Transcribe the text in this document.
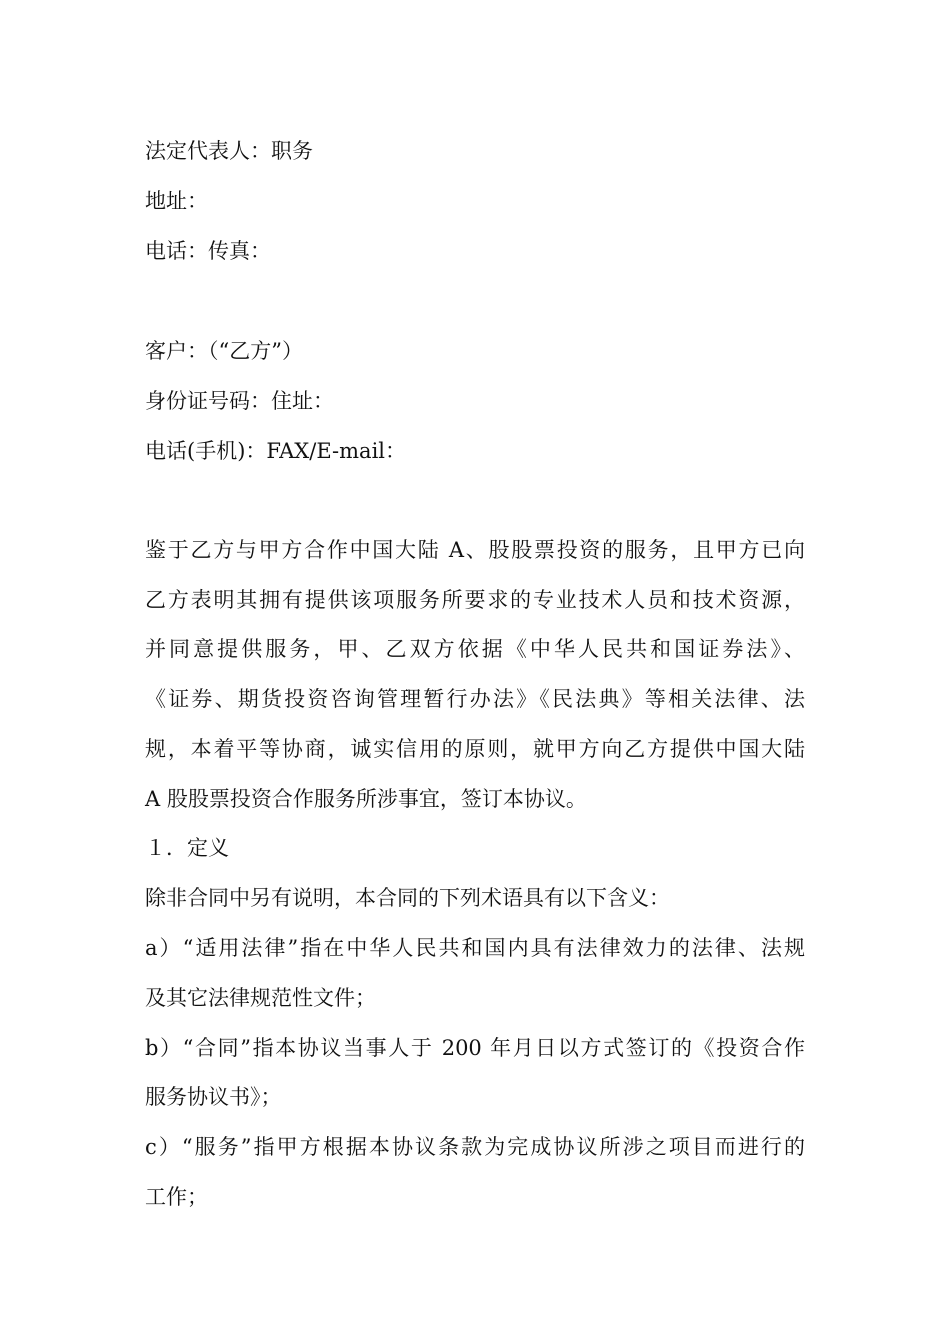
法定代表人：职务
地址：
电话：传真：
客户：（“乙方”）
身份证号码：住址：
电话(手机)：FAX/E-mail：
鉴于乙方与甲方合作中国大陆 A、股股票投资的服务，且甲方已向
乙方表明其拥有提供该项服务所要求的专业技术人员和技术资源，
并同意提供服务，甲、乙双方依据《中华人民共和国证券法》、
《证券、期货投资咨询管理暂行办法》《民法典》等相关法律、法
规，本着平等协商，诚实信用的原则，就甲方向乙方提供中国大陆
A 股股票投资合作服务所涉事宜，签订本协议。
１．定义
除非合同中另有说明，本合同的下列术语具有以下含义：
a）“适用法律”指在中华人民共和国内具有法律效力的法律、法规
及其它法律规范性文件；
b）“合同”指本协议当事人于 200 年月日以方式签订的《投资合作
服务协议书》；
c）“服务”指甲方根据本协议条款为完成协议所涉之项目而进行的
工作；
